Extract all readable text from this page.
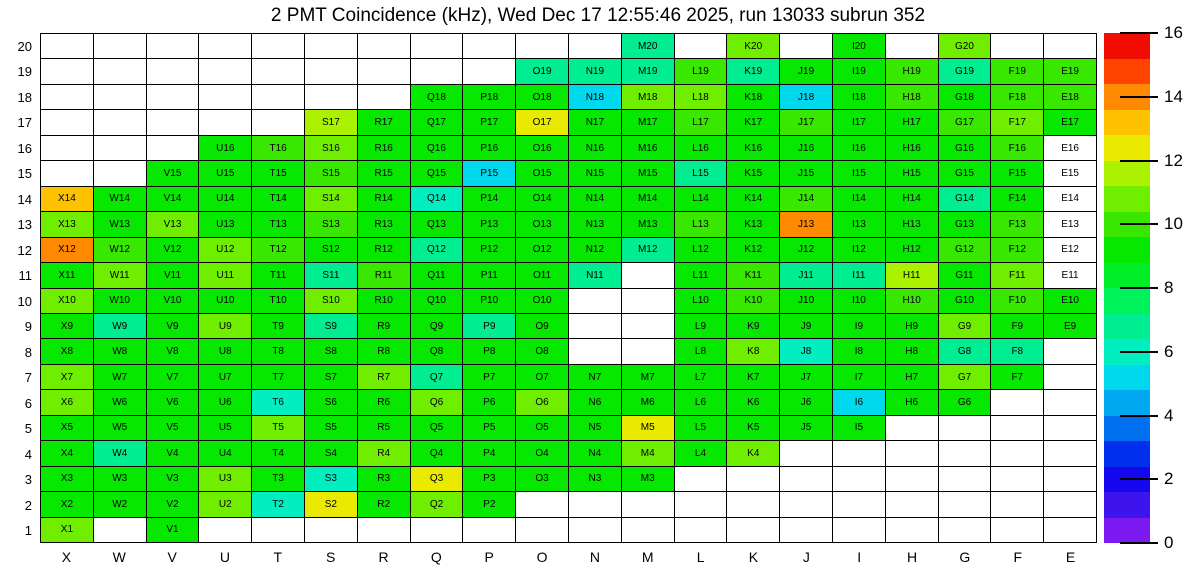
2 PMT Coincidence (kHz), Wed Dec 17 12:55:46 2025, run 13033 subrun 352
M20	K20	I20	G20
O19	N19	M19	L19	K19	J19	I19	H19	G19	F19	E19
Q18	P18	O18	N18	M18	L18	K18	J18	I18	H18	G18	F18	E18
S17	R17	Q17	P17	O17	N17	M17	L17	K17	J17	I17	H17	G17	F17	E17
U16	T16	S16	R16	Q16	P16	O16	N16	M16	L16	K16	J16	I16	H16	G16	F16	E16
V15	U15	T15	S15	R15	Q15	P15	O15	N15	M15	L15	K15	J15	I15	H15	G15	F15	E15
X14	W14	V14	U14	T14	S14	R14	Q14	P14	O14	N14	M14	L14	K14	J14	I14	H14	G14	F14	E14
X13	W13	V13	U13	T13	S13	R13	Q13	P13	O13	N13	M13	L13	K13	J13	I13	H13	G13	F13	E13
X12	W12	V12	U12	T12	S12	R12	Q12	P12	O12	N12	M12	L12	K12	J12	I12	H12	G12	F12	E12
X11	W11	V11	U11	T11	S11	R11	Q11	P11	O11	N11	L11	K11	J11	I11	H11	G11	F11	E11
X10	W10	V10	U10	T10	S10	R10	Q10	P10	O10	L10	K10	J10	I10	H10	G10	F10	E10
X9	W9	V9	U9	T9	S9	R9	Q9	P9	O9	L9	K9	J9	I9	H9	G9	F9	E9
X8	W8	V8	U8	T8	S8	R8	Q8	P8	O8	L8	K8	J8	I8	H8	G8	F8
X7	W7	V7	U7	T7	S7	R7	Q7	P7	O7	N7	M7	L7	K7	J7	I7	H7	G7	F7
X6	W6	V6	U6	T6	S6	R6	Q6	P6	O6	N6	M6	L6	K6	J6	I6	H6	G6
X5	W5	V5	U5	T5	S5	R5	Q5	P5	O5	N5	M5	L5	K5	J5	I5
X4	W4	V4	U4	T4	S4	R4	Q4	P4	O4	N4	M4	L4	K4
X3	W3	V3	U3	T3	S3	R3	Q3	P3	O3	N3	M3
X2	W2	V2	U2	T2	S2	R2	Q2	P2
X1	V1
20
19
18
17
16
15
14
13
12
11
10
9
8
7
6
5
4
3
2
1
X	W	V	U	T	S	R	Q	P	O	N	M	L	K	J	I	H	G	F	E
0
2
4
6
8
10
12
14
16
